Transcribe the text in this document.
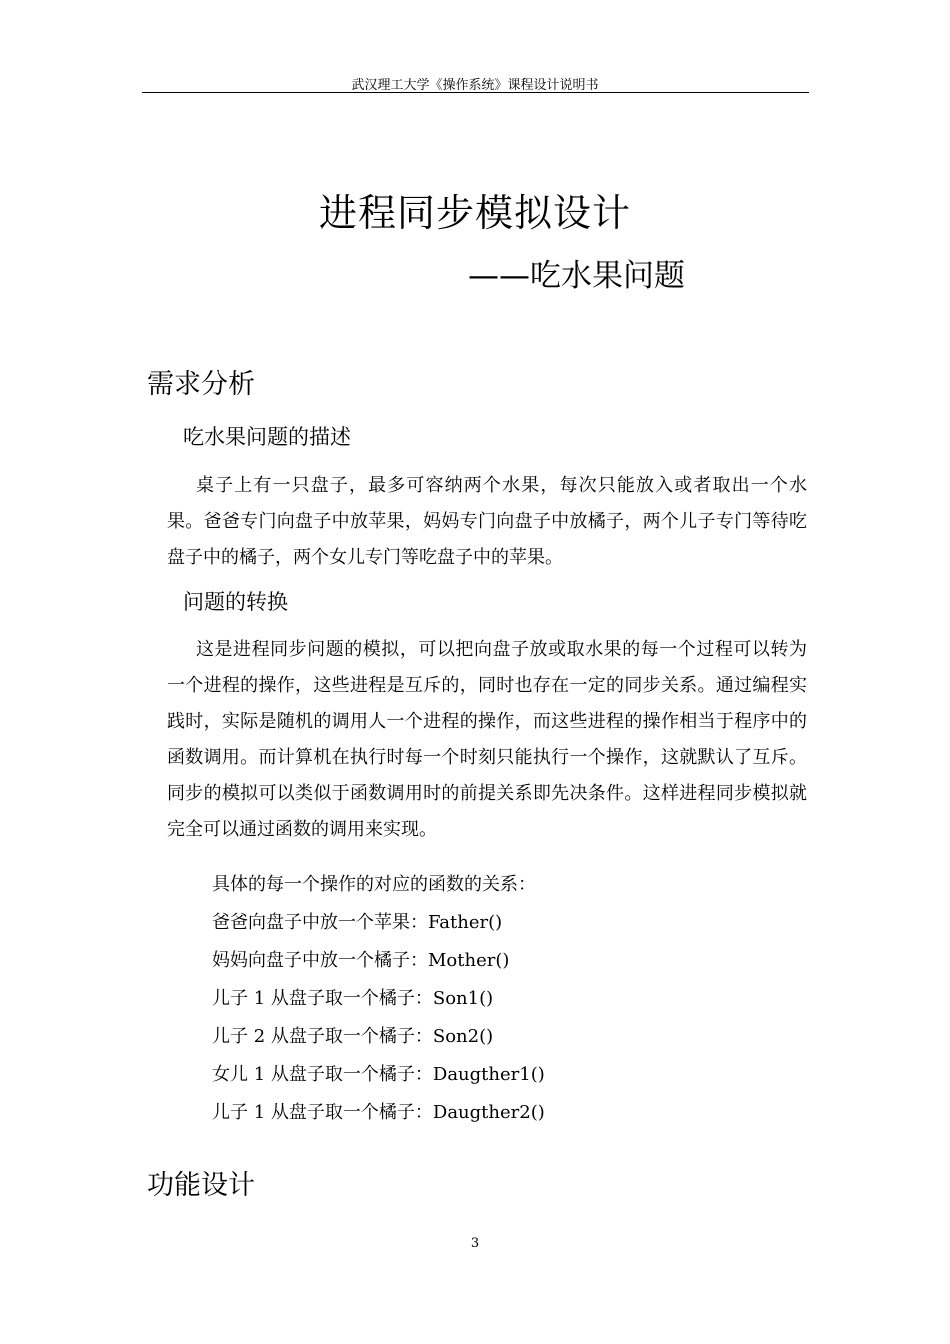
武汉理工大学《操作系统》课程设计说明书
进程同步模拟设计
——吃水果问题
需求分析
吃水果问题的描述

桌子上有一只盘子，最多可容纳两个水果，每次只能放入或者取出一个水果。爸爸专门向盘子中放苹果，妈妈专门向盘子中放橘子，两个儿子专门等待吃盘子中的橘子，两个女儿专门等吃盘子中的苹果。

问题的转换

这是进程同步问题的模拟，可以把向盘子放或取水果的每一个过程可以转为一个进程的操作，这些进程是互斥的，同时也存在一定的同步关系。通过编程实践时，实际是随机的调用人一个进程的操作，而这些进程的操作相当于程序中的函数调用。而计算机在执行时每一个时刻只能执行一个操作，这就默认了互斥。同步的模拟可以类似于函数调用时的前提关系即先决条件。这样进程同步模拟就完全可以通过函数的调用来实现。

具体的每一个操作的对应的函数的关系：
爸爸向盘子中放一个苹果：Father()
妈妈向盘子中放一个橘子：Mother()
儿子 1 从盘子取一个橘子：Son1()
儿子 2 从盘子取一个橘子：Son2()
女儿 1 从盘子取一个橘子：Daugther1()
儿子 1 从盘子取一个橘子：Daugther2()
功能设计
3
